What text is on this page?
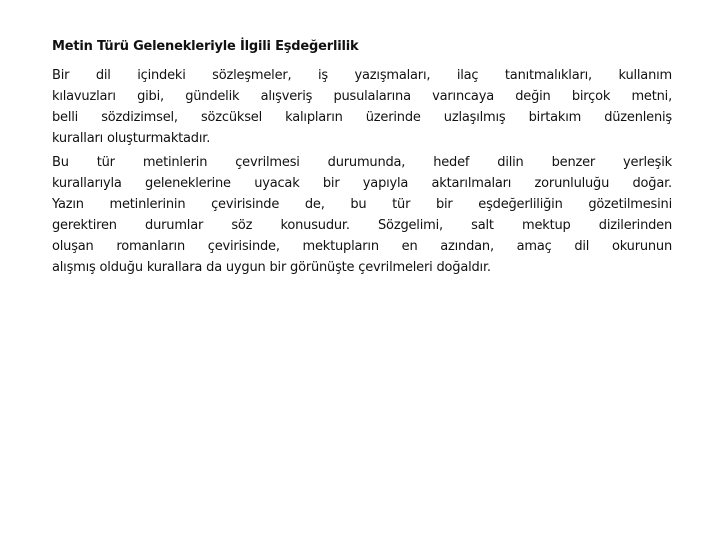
Metin Türü Gelenekleriyle İlgili Eşdeğerlilik

Bir dil içindeki sözleşmeler, iş yazışmaları, ilaç tanıtmalıkları, kullanım
kılavuzları gibi, gündelik alışveriş pusulalarına varıncaya değin birçok metni,
belli sözdizimsel, sözcüksel kalıpların üzerinde uzlaşılmış birtakım düzenleniş
kuralları oluşturmaktadır.

Bu tür metinlerin çevrilmesi durumunda, hedef dilin benzer yerleşik
kurallarıyla geleneklerine uyacak bir yapıyla aktarılmaları zorunluluğu doğar.
Yazın metinlerinin çevirisinde de, bu tür bir eşdeğerliliğin gözetilmesini
gerektiren durumlar söz konusudur. Sözgelimi, salt mektup dizilerinden
oluşan romanların çevirisinde, mektupların en azından, amaç dil okurunun
alışmış olduğu kurallara da uygun bir görünüşte çevrilmeleri doğaldır.
